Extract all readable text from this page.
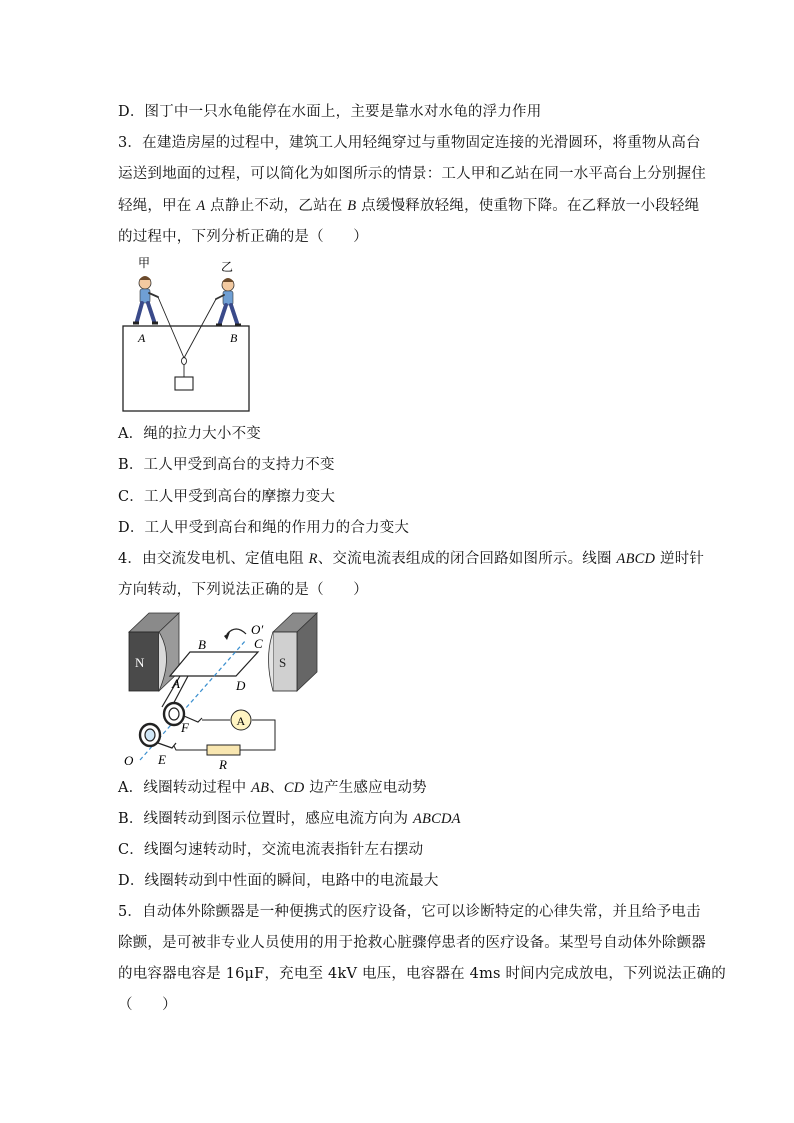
D．图丁中一只水龟能停在水面上，主要是靠水对水龟的浮力作用
3．在建造房屋的过程中，建筑工人用轻绳穿过与重物固定连接的光滑圆环，将重物从高台
运送到地面的过程，可以简化为如图所示的情景：工人甲和乙站在同一水平高台上分别握住
轻绳，甲在 A 点静止不动，乙站在 B 点缓慢释放轻绳，使重物下降。在乙释放一小段轻绳
的过程中，下列分析正确的是（　　）
甲	乙
A	B
A．绳的拉力大小不变
B．工人甲受到高台的支持力不变
C．工人甲受到高台的摩擦力变大
D．工人甲受到高台和绳的作用力的合力变大
4．由交流发电机、定值电阻 R、交流电流表组成的闭合回路如图所示。线圈 ABCD 逆时针
方向转动，下列说法正确的是（　　）
N	S
A
B	C
A	D
O′
F
E
O	R
A．线圈转动过程中 AB、CD 边产生感应电动势
B．线圈转动到图示位置时，感应电流方向为 ABCDA
C．线圈匀速转动时，交流电流表指针左右摆动
D．线圈转动到中性面的瞬间，电路中的电流最大
5．自动体外除颤器是一种便携式的医疗设备，它可以诊断特定的心律失常，并且给予电击
除颤，是可被非专业人员使用的用于抢救心脏骤停患者的医疗设备。某型号自动体外除颤器
的电容器电容是 16μF，充电至 4kV 电压，电容器在 4ms 时间内完成放电，下列说法正确的
（　　）
